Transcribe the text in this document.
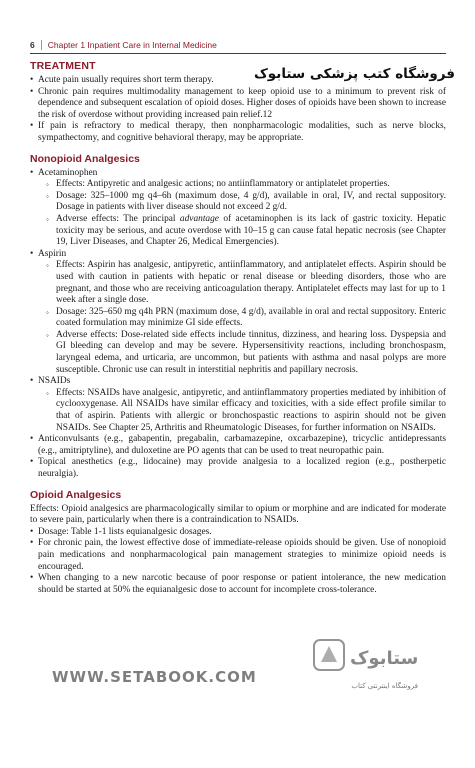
6 Chapter 1 Inpatient Care in Internal Medicine
TREATMENT
• Acute pain usually requires short term therapy.
• Chronic pain requires multimodality management to keep opioid use to a minimum to prevent risk of dependence and subsequent escalation of opioid doses. Higher doses of opioids have been shown to increase the risk of overdose without providing increased pain relief.12
• If pain is refractory to medical therapy, then nonpharmacologic modalities, such as nerve blocks, sympathectomy, and cognitive behavioral therapy, may be appropriate.
Nonopioid Analgesics
• Acetaminophen
◦ Effects: Antipyretic and analgesic actions; no antiinflammatory or antiplatelet properties.
◦ Dosage: 325–1000 mg q4–6h (maximum dose, 4 g/d), available in oral, IV, and rectal suppository. Dosage in patients with liver disease should not exceed 2 g/d.
◦ Adverse effects: The principal advantage of acetaminophen is its lack of gastric toxicity. Hepatic toxicity may be serious, and acute overdose with 10–15 g can cause fatal hepatic necrosis (see Chapter 19, Liver Diseases, and Chapter 26, Medical Emergencies).
• Aspirin
◦ Effects: Aspirin has analgesic, antipyretic, antiinflammatory, and antiplatelet effects. Aspirin should be used with caution in patients with hepatic or renal disease or bleeding disorders, those who are pregnant, and those who are receiving anticoagulation therapy. Antiplatelet effects may last for up to 1 week after a single dose.
◦ Dosage: 325–650 mg q4h PRN (maximum dose, 4 g/d), available in oral and rectal suppository. Enteric coated formulation may minimize GI side effects.
◦ Adverse effects: Dose-related side effects include tinnitus, dizziness, and hearing loss. Dyspepsia and GI bleeding can develop and may be severe. Hypersensitivity reactions, including bronchospasm, laryngeal edema, and urticaria, are uncommon, but patients with asthma and nasal polyps are more susceptible. Chronic use can result in interstitial nephritis and papillary necrosis.
• NSAIDs
◦ Effects: NSAIDs have analgesic, antipyretic, and antiinflammatory properties mediated by inhibition of cyclooxygenase. All NSAIDs have similar efficacy and toxicities, with a side effect profile similar to that of aspirin. Patients with allergic or bronchospastic reactions to aspirin should not be given NSAIDs. See Chapter 25, Arthritis and Rheumatologic Diseases, for further information on NSAIDs.
• Anticonvulsants (e.g., gabapentin, pregabalin, carbamazepine, oxcarbazepine), tricyclic antidepressants (e.g., amitriptyline), and duloxetine are PO agents that can be used to treat neuropathic pain.
• Topical anesthetics (e.g., lidocaine) may provide analgesia to a localized region (e.g., postherpetic neuralgia).
Opioid Analgesics

Effects: Opioid analgesics are pharmacologically similar to opium or morphine and are indicated for moderate to severe pain, particularly when there is a contraindication to NSAIDs.

• Dosage: Table 1-1 lists equianalgesic dosages.
• For chronic pain, the lowest effective dose of immediate-release opioids should be given. Use of nonopioid pain medications and nonpharmacological pain management strategies to minimize opioid needs is encouraged.
• When changing to a new narcotic because of poor response or patient intolerance, the new medication should be started at 50% the equianalgesic dose to account for incomplete cross-tolerance.
فروشگاه کتب پزشکی ستابوک
ستابوک
WWW.SETABOOK.COM	فروشگاه اینترنتی کتاب
